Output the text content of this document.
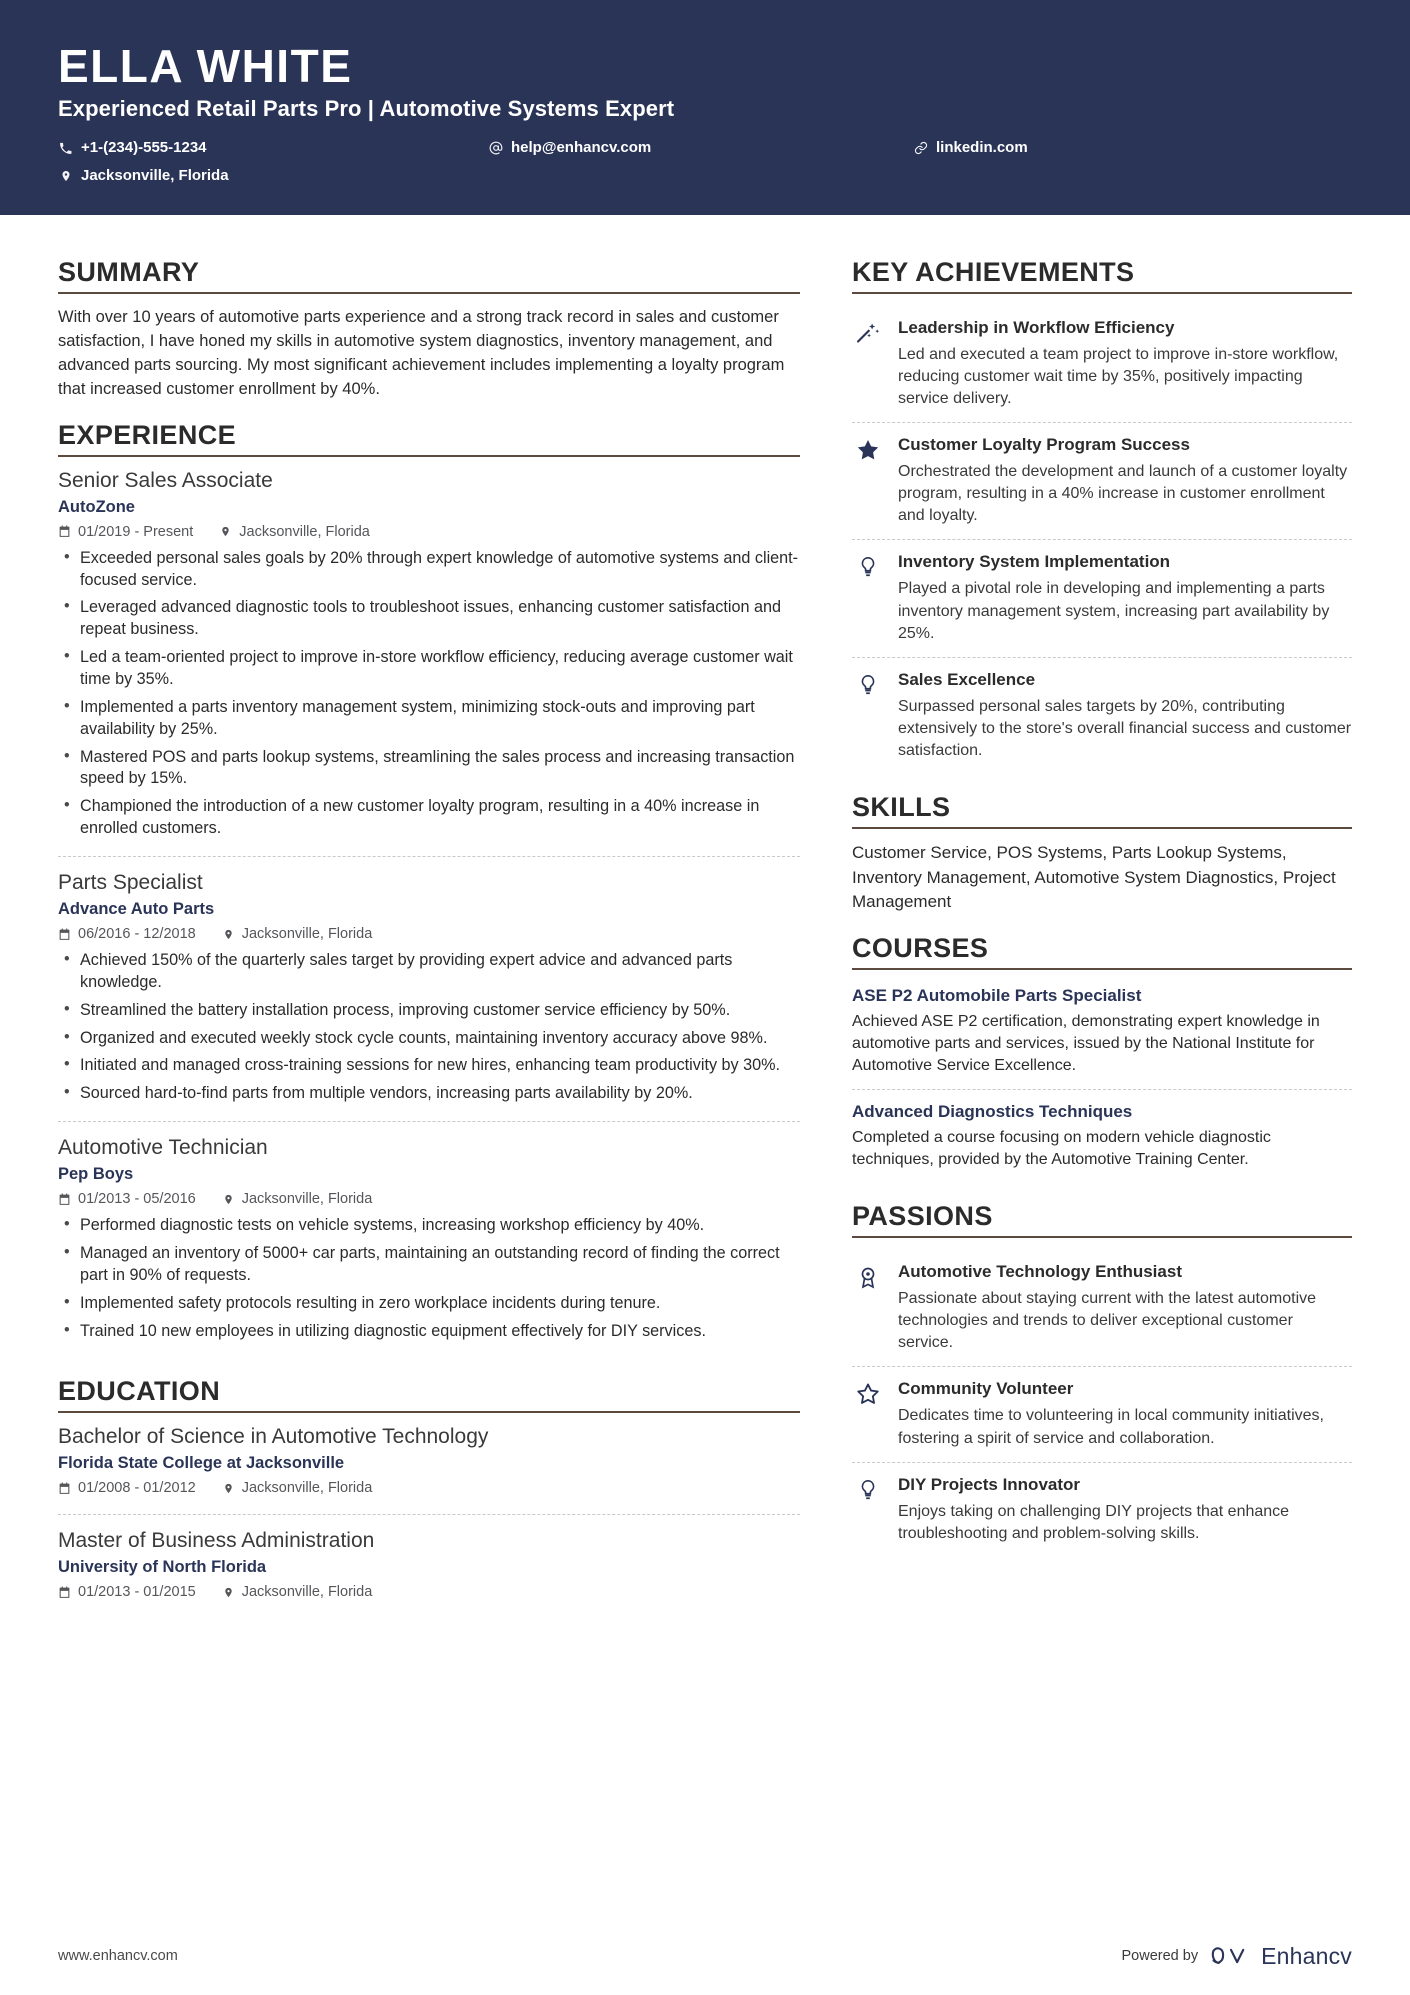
ELLA WHITE
Experienced Retail Parts Pro | Automotive Systems Expert
+1-(234)-555-1234
Jacksonville, Florida
help@enhancv.com	linkedin.com
SUMMARY

With over 10 years of automotive parts experience and a strong track record in sales and customer satisfaction, I have honed my skills in automotive system diagnostics, inventory management, and advanced parts sourcing. My most significant achievement includes implementing a loyalty program that increased customer enrollment by 40%.

EXPERIENCE
Senior Sales Associate
AutoZone
01/2019 - Present	Jacksonville, Florida
• Exceeded personal sales goals by 20% through expert knowledge of automotive systems and client-focused service.
• Leveraged advanced diagnostic tools to troubleshoot issues, enhancing customer satisfaction and repeat business.
• Led a team-oriented project to improve in-store workflow efficiency, reducing average customer wait time by 35%.
• Implemented a parts inventory management system, minimizing stock-outs and improving part availability by 25%.
• Mastered POS and parts lookup systems, streamlining the sales process and increasing transaction speed by 15%.
• Championed the introduction of a new customer loyalty program, resulting in a 40% increase in enrolled customers.
Parts Specialist
Advance Auto Parts
06/2016 - 12/2018	Jacksonville, Florida
• Achieved 150% of the quarterly sales target by providing expert advice and advanced parts knowledge.
• Streamlined the battery installation process, improving customer service efficiency by 50%.
• Organized and executed weekly stock cycle counts, maintaining inventory accuracy above 98%.
• Initiated and managed cross-training sessions for new hires, enhancing team productivity by 30%.
• Sourced hard-to-find parts from multiple vendors, increasing parts availability by 20%.
Automotive Technician
Pep Boys
01/2013 - 05/2016	Jacksonville, Florida
• Performed diagnostic tests on vehicle systems, increasing workshop efficiency by 40%.
• Managed an inventory of 5000+ car parts, maintaining an outstanding record of finding the correct part in 90% of requests.
• Implemented safety protocols resulting in zero workplace incidents during tenure.
• Trained 10 new employees in utilizing diagnostic equipment effectively for DIY services.
EDUCATION
Bachelor of Science in Automotive Technology
Florida State College at Jacksonville
01/2008 - 01/2012	Jacksonville, Florida
Master of Business Administration
University of North Florida
01/2013 - 01/2015	Jacksonville, Florida
KEY ACHIEVEMENTS
Leadership in Workflow Efficiency
Led and executed a team project to improve in-store workflow, reducing customer wait time by 35%, positively impacting service delivery.
Customer Loyalty Program Success
Orchestrated the development and launch of a customer loyalty program, resulting in a 40% increase in customer enrollment and loyalty.
Inventory System Implementation
Played a pivotal role in developing and implementing a parts inventory management system, increasing part availability by 25%.
Sales Excellence
Surpassed personal sales targets by 20%, contributing extensively to the store's overall financial success and customer satisfaction.
SKILLS
Customer Service, POS Systems, Parts Lookup Systems, Inventory Management, Automotive System Diagnostics, Project Management
COURSES
ASE P2 Automobile Parts Specialist
Achieved ASE P2 certification, demonstrating expert knowledge in automotive parts and services, issued by the National Institute for Automotive Service Excellence.
Advanced Diagnostics Techniques
Completed a course focusing on modern vehicle diagnostic techniques, provided by the Automotive Training Center.
PASSIONS
Automotive Technology Enthusiast
Passionate about staying current with the latest automotive technologies and trends to deliver exceptional customer service.
Community Volunteer
Dedicates time to volunteering in local community initiatives, fostering a spirit of service and collaboration.
DIY Projects Innovator
Enjoys taking on challenging DIY projects that enhance troubleshooting and problem-solving skills.
www.enhancv.com	Powered by	Enhancv
